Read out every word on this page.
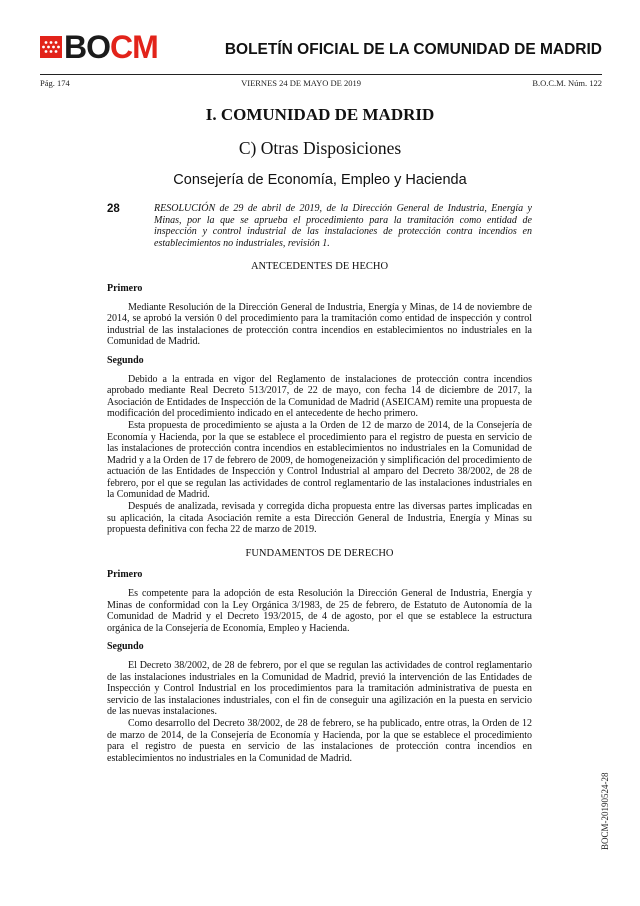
BOCM	BOLETÍN OFICIAL DE LA COMUNIDAD DE MADRID
Pág. 174	VIERNES 24 DE MAYO DE 2019	B.O.C.M. Núm. 122
I. COMUNIDAD DE MADRID
C) Otras Disposiciones
Consejería de Economía, Empleo y Hacienda
28	RESOLUCIÓN de 29 de abril de 2019, de la Dirección General de Industria, Energía y Minas, por la que se aprueba el procedimiento para la tramitación como entidad de inspección y control industrial de las instalaciones de protección contra incendios en establecimientos no industriales, revisión 1.

ANTECEDENTES DE HECHO
Primero

Mediante Resolución de la Dirección General de Industria, Energía y Minas, de 14 de noviembre de 2014, se aprobó la versión 0 del procedimiento para la tramitación como entidad de inspección y control industrial de las instalaciones de protección contra incendios en establecimientos no industriales en la Comunidad de Madrid.

Segundo

Debido a la entrada en vigor del Reglamento de instalaciones de protección contra incendios aprobado mediante Real Decreto 513/2017, de 22 de mayo, con fecha 14 de diciembre de 2017, la Asociación de Entidades de Inspección de la Comunidad de Madrid (ASEICAM) remite una propuesta de modificación del procedimiento indicado en el antecedente de hecho primero.

Esta propuesta de procedimiento se ajusta a la Orden de 12 de marzo de 2014, de la Consejería de Economía y Hacienda, por la que se establece el procedimiento para el registro de puesta en servicio de las instalaciones de protección contra incendios en establecimientos no industriales en la Comunidad de Madrid y a la Orden de 17 de febrero de 2009, de homogeneización y simplificación del procedimiento de actuación de las Entidades de Inspección y Control Industrial al amparo del Decreto 38/2002, de 28 de febrero, por el que se regulan las actividades de control reglamentario de las instalaciones industriales en la Comunidad de Madrid.

Después de analizada, revisada y corregida dicha propuesta entre las diversas partes implicadas en su aplicación, la citada Asociación remite a esta Dirección General de Industria, Energía y Minas su propuesta definitiva con fecha 22 de marzo de 2019.

FUNDAMENTOS DE DERECHO
Primero

Es competente para la adopción de esta Resolución la Dirección General de Industria, Energía y Minas de conformidad con la Ley Orgánica 3/1983, de 25 de febrero, de Estatuto de Autonomía de la Comunidad de Madrid y el Decreto 193/2015, de 4 de agosto, por el que se establece la estructura orgánica de la Consejería de Economía, Empleo y Hacienda.

Segundo

El Decreto 38/2002, de 28 de febrero, por el que se regulan las actividades de control reglamentario de las instalaciones industriales en la Comunidad de Madrid, previó la intervención de las Entidades de Inspección y Control Industrial en los procedimientos para la tramitación administrativa de puesta en servicio de las instalaciones industriales, con el fin de conseguir una agilización en la puesta en servicio de las nuevas instalaciones.

Como desarrollo del Decreto 38/2002, de 28 de febrero, se ha publicado, entre otras, la Orden de 12 de marzo de 2014, de la Consejería de Economía y Hacienda, por la que se establece el procedimiento para el registro de puesta en servicio de las instalaciones de protección contra incendios en establecimientos no industriales en la Comunidad de Madrid.

BOCM-20190524-28
